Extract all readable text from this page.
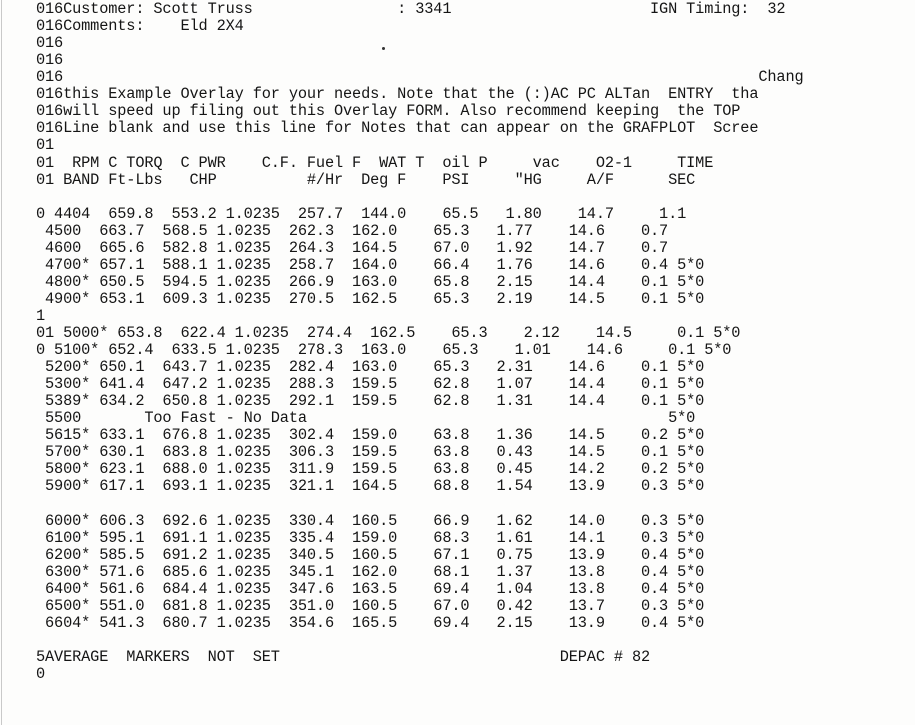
016Customer: Scott Truss                : 3341                      IGN Timing:  32
016Comments:    Eld 2X4
016
016
016                                                                             Chang
016this Example Overlay for your needs. Note that the (:)AC PC ALTan  ENTRY  tha
016will speed up filing out this Overlay FORM. Also recommend keeping  the TOP
016Line blank and use this line for Notes that can appear on the GRAFPLOT  Scree
01
01  RPM C TORQ  C PWR    C.F. Fuel F  WAT T  oil P     vac    O2-1     TIME
01 BAND Ft-Lbs   CHP          #/Hr  Deg F    PSI     "HG     A/F      SEC
0 4404  659.8  553.2 1.0235  257.7  144.0    65.5   1.80    14.7     1.1
4500  663.7  568.5 1.0235  262.3  162.0    65.3   1.77    14.6    0.7
4600  665.6  582.8 1.0235  264.3  164.5    67.0   1.92    14.7    0.7
4700* 657.1  588.1 1.0235  258.7  164.0    66.4   1.76    14.6    0.4 5*0
4800* 650.5  594.5 1.0235  266.9  163.0    65.8   2.15    14.4    0.1 5*0
4900* 653.1  609.3 1.0235  270.5  162.5    65.3   2.19    14.5    0.1 5*0
1
01 5000* 653.8  622.4 1.0235  274.4  162.5    65.3    2.12    14.5     0.1 5*0
0 5100* 652.4  633.5 1.0235  278.3  163.0    65.3    1.01    14.6     0.1 5*0
5200* 650.1  643.7 1.0235  282.4  163.0    65.3   2.31    14.6    0.1 5*0
5300* 641.4  647.2 1.0235  288.3  159.5    62.8   1.07    14.4    0.1 5*0
5389* 634.2  650.8 1.0235  292.1  159.5    62.8   1.31    14.4    0.1 5*0
5500       Too Fast - No Data                                        5*0
5615* 633.1  676.8 1.0235  302.4  159.0    63.8   1.36    14.5    0.2 5*0
5700* 630.1  683.8 1.0235  306.3  159.5    63.8   0.43    14.5    0.1 5*0
5800* 623.1  688.0 1.0235  311.9  159.5    63.8   0.45    14.2    0.2 5*0
5900* 617.1  693.1 1.0235  321.1  164.5    68.8   1.54    13.9    0.3 5*0
6000* 606.3  692.6 1.0235  330.4  160.5    66.9   1.62    14.0    0.3 5*0
6100* 595.1  691.1 1.0235  335.4  159.0    68.3   1.61    14.1    0.3 5*0
6200* 585.5  691.2 1.0235  340.5  160.5    67.1   0.75    13.9    0.4 5*0
6300* 571.6  685.6 1.0235  345.1  162.0    68.1   1.37    13.8    0.4 5*0
6400* 561.6  684.4 1.0235  347.6  163.5    69.4   1.04    13.8    0.4 5*0
6500* 551.0  681.8 1.0235  351.0  160.5    67.0   0.42    13.7    0.3 5*0
6604* 541.3  680.7 1.0235  354.6  165.5    69.4   2.15    13.9    0.4 5*0
5AVERAGE  MARKERS  NOT  SET                               DEPAC # 82
0
